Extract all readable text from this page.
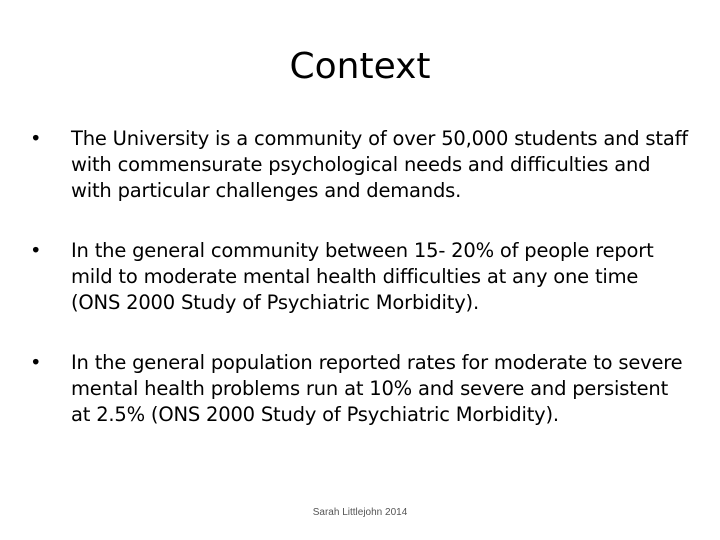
Context
•	The University is a community of over 50,000 students and staff with commensurate psychological needs and difficulties and with particular challenges and demands.
•	In the general community between 15- 20% of people report mild to moderate mental health difficulties at any one time (ONS 2000 Study of Psychiatric Morbidity).
•	In the general population reported rates for moderate to severe mental health problems run at 10% and severe and persistent at 2.5% (ONS 2000 Study of Psychiatric Morbidity).
Sarah Littlejohn 2014
